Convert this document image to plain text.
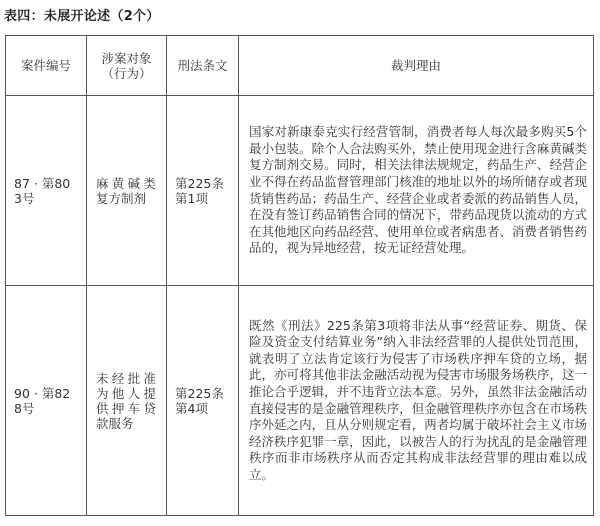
表四：未展开论述（2个）
案件编号	涉案对象（行为）	刑法条文	裁判理由

87 · 第803号	麻黄碱类复方制剂	第225条第1项	国家对新康泰克实行经营管制，消费者每人每次最多购买5个最小包装。除个人合法购买外，禁止使用现金进行含麻黄碱类复方制剂交易。同时，相关法律法规规定，药品生产、经营企业不得在药品监督管理部门核准的地址以外的场所储存或者现货销售药品；药品生产、经营企业或者委派的药品销售人员，在没有签订药品销售合同的情况下，带药品现货以流动的方式在其他地区向药品经营、使用单位或者病患者、消费者销售药品的，视为异地经营，按无证经营处理。

90 · 第828号	未经批准为他人提供押车贷款服务	第225条第4项	既然《刑法》225条第3项将非法从事“经营证券、期货、保险及资金支付结算业务”纳入非法经营罪的人提供处罚范围，就表明了立法肯定该行为侵害了市场秩序押车贷的立场，据此，亦可将其他非法金融活动视为侵害市场服务场秩序，这一推论合乎逻辑，并不违背立法本意。另外，虽然非法金融活动直接侵害的是金融管理秩序，但金融管理秩序亦包含在市场秩序外延之内，且从分则规定看，两者均属于破坏社会主义市场经济秩序犯罪一章，因此，以被告人的行为扰乱的是金融管理秩序而非市场秩序从而否定其构成非法经营罪的理由难以成立。
